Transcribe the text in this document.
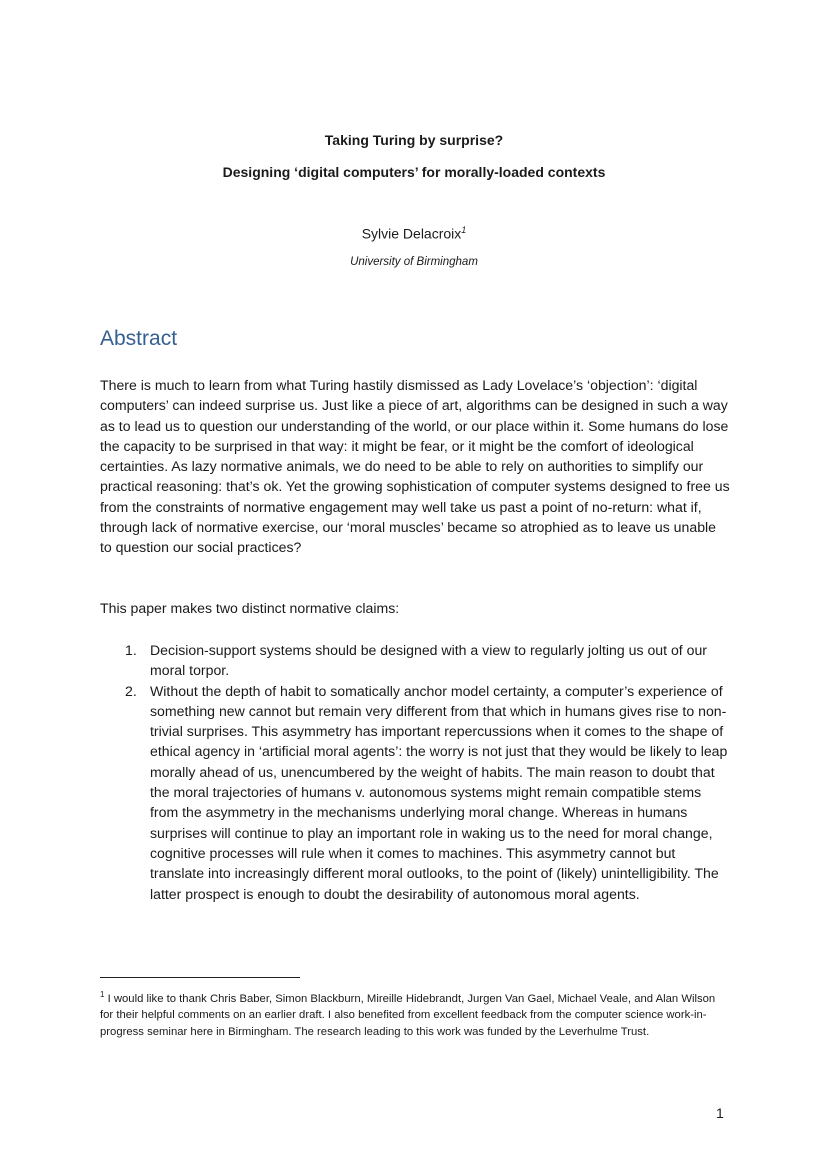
Taking Turing by surprise?
Designing ‘digital computers’ for morally-loaded contexts
Sylvie Delacroix$^1$
University of Birmingham
Abstract

There is much to learn from what Turing hastily dismissed as Lady Lovelace’s ‘objection’: ‘digital computers’ can indeed surprise us. Just like a piece of art, algorithms can be designed in such a way as to lead us to question our understanding of the world, or our place within it. Some humans do lose the capacity to be surprised in that way: it might be fear, or it might be the comfort of ideological certainties. As lazy normative animals, we do need to be able to rely on authorities to simplify our practical reasoning: that’s ok. Yet the growing sophistication of computer systems designed to free us from the constraints of normative engagement may well take us past a point of no-return: what if, through lack of normative exercise, our ‘moral muscles’ became so atrophied as to leave us unable to question our social practices?

This paper makes two distinct normative claims:

1. Decision-support systems should be designed with a view to regularly jolting us out of our moral torpor.
2. Without the depth of habit to somatically anchor model certainty, a computer’s experience of something new cannot but remain very different from that which in humans gives rise to non-trivial surprises. This asymmetry has important repercussions when it comes to the shape of ethical agency in ‘artificial moral agents’: the worry is not just that they would be likely to leap morally ahead of us, unencumbered by the weight of habits. The main reason to doubt that the moral trajectories of humans v. autonomous systems might remain compatible stems from the asymmetry in the mechanisms underlying moral change. Whereas in humans surprises will continue to play an important role in waking us to the need for moral change, cognitive processes will rule when it comes to machines. This asymmetry cannot but translate into increasingly different moral outlooks, to the point of (likely) unintelligibility. The latter prospect is enough to doubt the desirability of autonomous moral agents.
$^1$ I would like to thank Chris Baber, Simon Blackburn, Mireille Hidebrandt, Jurgen Van Gael, Michael Veale, and Alan Wilson for their helpful comments on an earlier draft. I also benefited from excellent feedback from the computer science work-in-progress seminar here in Birmingham. The research leading to this work was funded by the Leverhulme Trust.
1
